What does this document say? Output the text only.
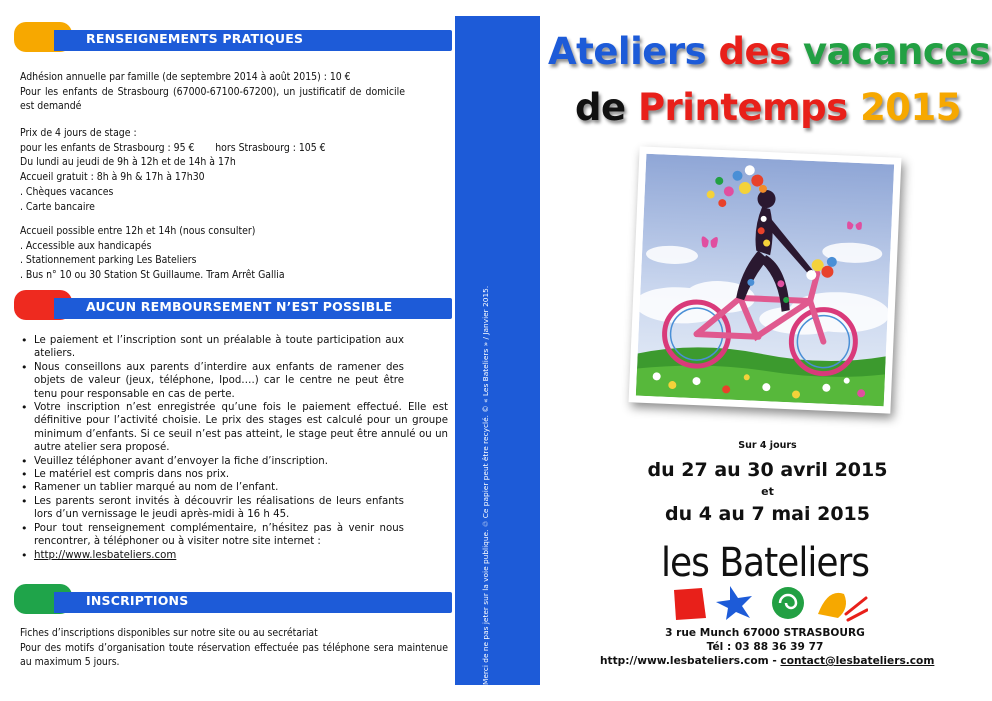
RENSEIGNEMENTS PRATIQUES

Adhésion annuelle par famille (de septembre 2014 à août 2015) : 10 €

Pour les enfants de Strasbourg (67000-67100-67200), un justificatif de domicile est demandé

Prix de 4 jours de stage :

pour les enfants de Strasbourg : 95 €       hors Strasbourg : 105 €

Du lundi au jeudi de 9h à 12h et de 14h à 17h

Accueil gratuit : 8h à 9h & 17h à 17h30

. Chèques vacances

. Carte bancaire

Accueil possible entre 12h et 14h (nous consulter)

. Accessible aux handicapés

. Stationnement parking Les Bateliers

. Bus n° 10 ou 30 Station St Guillaume. Tram Arrêt Gallia

AUCUN REMBOURSEMENT N’EST POSSIBLE
• Le paiement et l’inscription sont un préalable à toute participation aux ateliers.
• Nous conseillons aux parents d’interdire aux enfants de ramener des objets de valeur (jeux, téléphone, Ipod….) car le centre ne peut être tenu pour responsable en cas de perte.
• Votre inscription n’est enregistrée qu’une fois le paiement effectué. Elle est définitive pour l’activité choisie. Le prix des stages est calculé pour un groupe minimum d’enfants. Si ce seuil n’est pas atteint, le stage peut être annulé ou un autre atelier sera proposé.
• Veuillez téléphoner avant d’envoyer la fiche d’inscription.
• Le matériel est compris dans nos prix.
• Ramener un tablier marqué au nom de l’enfant.
• Les parents seront invités à découvrir les réalisations de leurs enfants lors d’un vernissage le jeudi après-midi à 16 h 45.
• Pour tout renseignement complémentaire, n’hésitez pas à venir nous rencontrer, à téléphoner ou à visiter notre site internet :
• http://www.lesbateliers.com
INSCRIPTIONS

Fiches d’inscriptions disponibles sur notre site ou au secrétariat

Pour des motifs d’organisation toute réservation effectuée pas téléphone sera maintenue au maximum 5 jours.	Merci de ne pas jeter sur la voie publique. ♲ Ce papier peut être recyclé. © « Les Bateliers » / Janvier 2015.
Ateliers des vacances
de Printemps 2015
Sur 4 jours
du 27 au 30 avril 2015
et
du 4 au 7 mai 2015
les Bateliers
3 rue Munch 67000 STRASBOURG
Tél : 03 88 36 39 77
http://www.lesbateliers.com - contact@lesbateliers.com
